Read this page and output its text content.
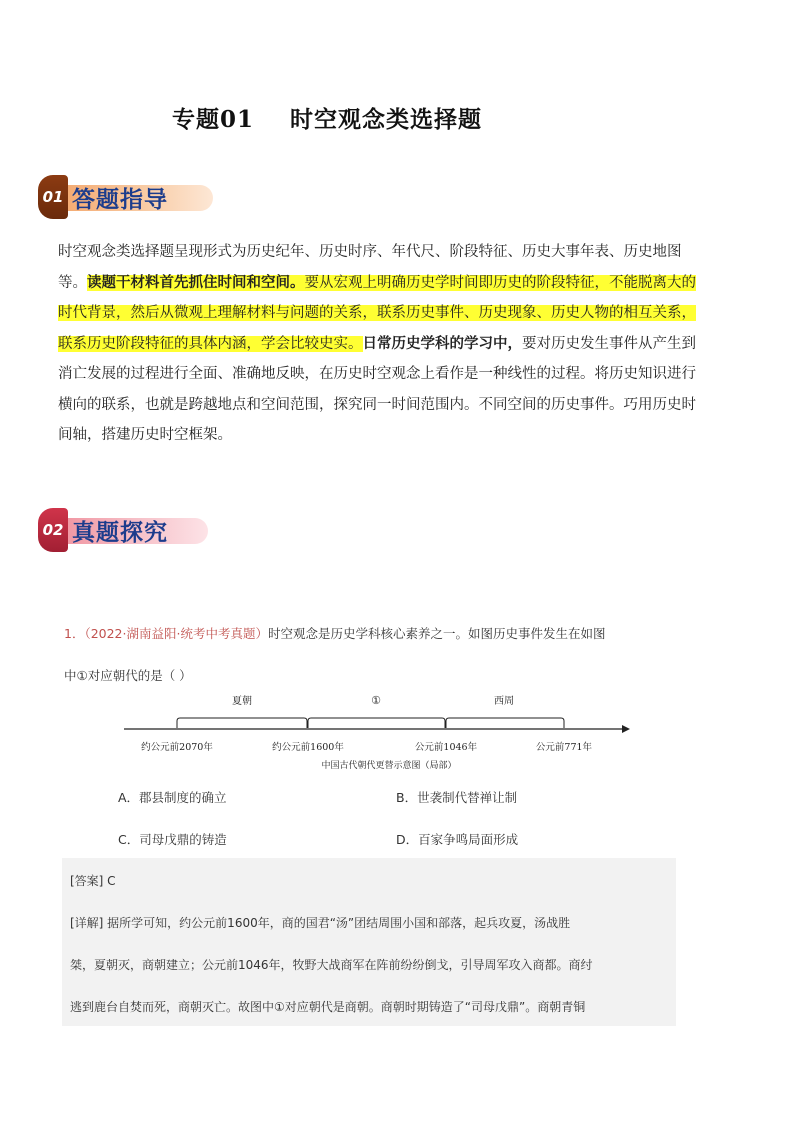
专题01 时空观念类选择题
01 答题指导

时空观念类选择题呈现形式为历史纪年、历史时序、年代尺、阶段特征、历史大事年表、历史地图等。读题干材料首先抓住时间和空间。要从宏观上明确历史学时间即历史的阶段特征，不能脱离大的时代背景，然后从微观上理解材料与问题的关系，联系历史事件、历史现象、历史人物的相互关系，联系历史阶段特征的具体内涵，学会比较史实。日常历史学科的学习中，要对历史发生事件从产生到消亡发展的过程进行全面、准确地反映，在历史时空观念上看作是一种线性的过程。将历史知识进行横向的联系，也就是跨越地点和空间范围，探究同一时间范围内。不同空间的历史事件。巧用历史时间轴，搭建历史时空框架。

02 真题探究
1．（2022·湖南益阳·统考中考真题）时空观念是历史学科核心素养之一。如图历史事件发生在如图
中①对应朝代的是（ ）
夏朝	①	西周
约公元前2070年	约公元前1600年	公元前1046年	公元前771年
中国古代朝代更替示意图（局部）
A．郡县制度的确立	B．世袭制代替禅让制
C．司母戊鼎的铸造	D．百家争鸣局面形成

[答案] C

[详解] 据所学可知，约公元前1600年，商的国君“汤”团结周围小国和部落，起兵攻夏，汤战胜

桀，夏朝灭，商朝建立；公元前1046年，牧野大战商军在阵前纷纷倒戈，引导周军攻入商都。商纣

逃到鹿台自焚而死，商朝灭亡。故图中①对应朝代是商朝。商朝时期铸造了“司母戊鼎”。商朝青铜
